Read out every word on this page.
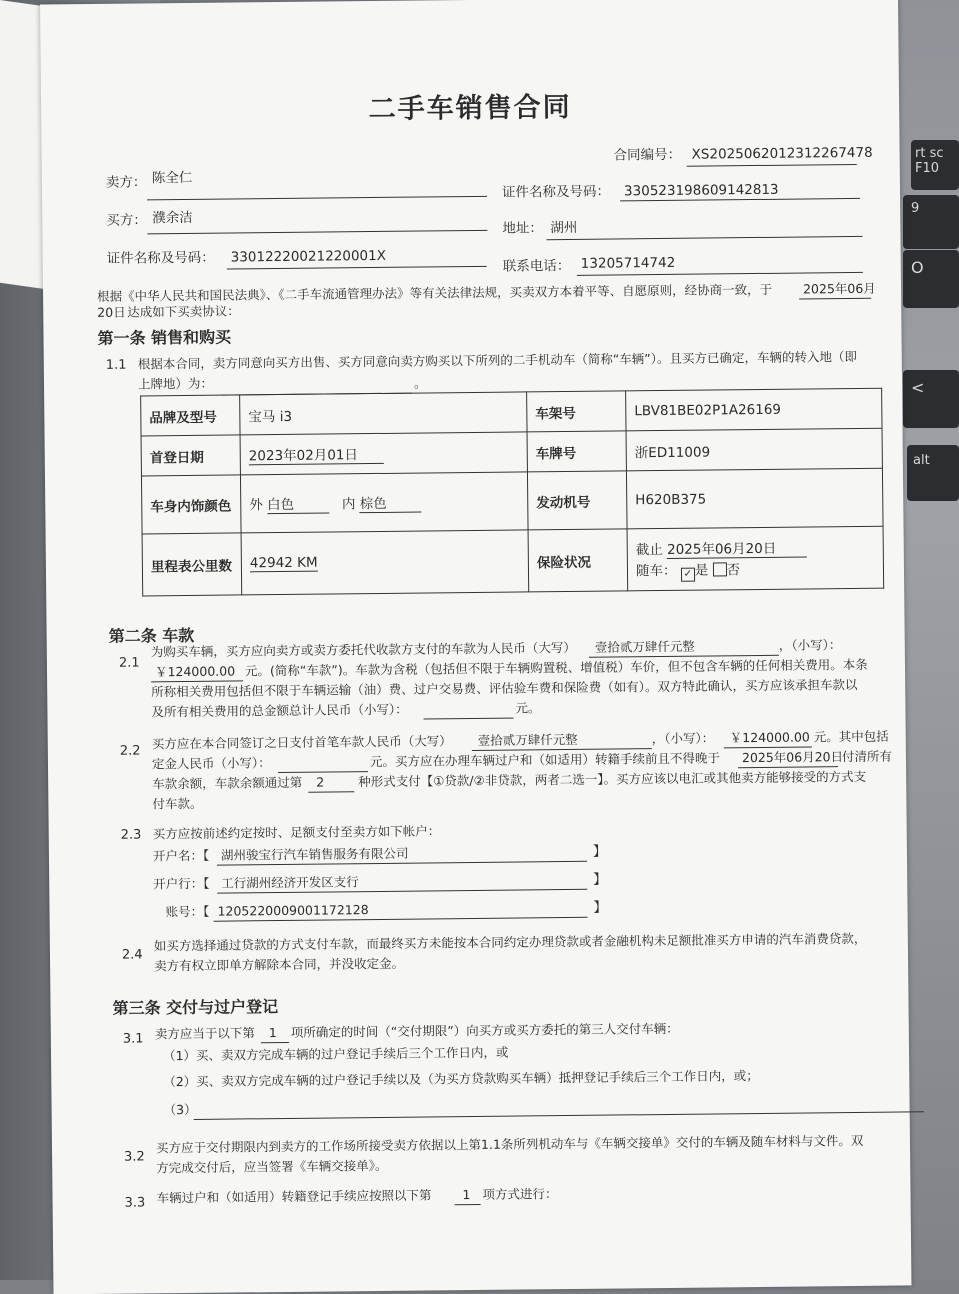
rt sc
F10
9
O
<
alt
二手车销售合同
合同编号： XS2025062012312267478
卖方： 陈全仁
证件名称及号码： 330523198609142813
买方： 濮余洁
地址： 湖州
证件名称及号码： 33012220021220001X
联系电话： 13205714742
根据《中华人民共和国民法典》、《二手车流通管理办法》等有关法律法规，买卖双方本着平等、自愿原则，经协商一致，于 2025年06月
20日 达成如下买卖协议：
第一条 销售和购买
1.1 根据本合同，卖方同意向买方出售、买方同意向卖方购买以下所列的二手机动车（简称“车辆”）。且买方已确定，车辆的转入地（即
上牌地）为：	。
品牌及型号	宝马 i3	车架号	LBV81BE02P1A26169
首登日期	2023年02月01日	车牌号	浙ED11009
车身内饰颜色	外 白色 内 棕色	发动机号	H620B375
里程表公里数	42942 KM	保险状况	截止 2025年06月20日
随车： ✓ 是 否
第二条 车款
2.1
为购买车辆，买方应向卖方或卖方委托代收款方支付的车款为人民币（大写） 壹拾贰万肆仟元整	，（小写）：
￥124000.00 元。(简称“车款”)。车款为含税（包括但不限于车辆购置税、增值税）车价，但不包含车辆的任何相关费用。本条
所称相关费用包括但不限于车辆运输（油）费、过户交易费、评估验车费和保险费（如有）。双方特此确认，买方应该承担车款以
及所有相关费用的总金额总计人民币（小写）：	元。
2.2 买方应在本合同签订之日支付首笔车款人民币（大写） 壹拾贰万肆仟元整	，（小写）： ￥124000.00 元。其中包括
定金人民币（小写）：	元。买方应在办理车辆过户和（如适用）转籍手续前且不得晚于 2025年06月20日
付清所有
车款余额，车款余额通过第 2	种形式支付【①贷款/②非贷款，两者二选一】。买方应该以电汇或其他卖方能够接受的方式支
付车款。
2.3 买方应按前述约定按时、足额支付至卖方如下帐户：
开户名：【 湖州骏宝行汽车销售服务有限公司	】
开户行：【 工行湖州经济开发区支行	】
账号：【 1205220009001172128	】
2.4
如买方选择通过贷款的方式支付车款，而最终买方未能按本合同约定办理贷款或者金融机构未足额批准买方申请的汽车消费贷款，
卖方有权立即单方解除本合同，并没收定金。
第三条 交付与过户登记
3.1 卖方应当于以下第 1 项所确定的时间（“交付期限”）向买方或买方委托的第三人交付车辆：
（1）买、卖双方完成车辆的过户登记手续后三个工作日内，或
（2）买、卖双方完成车辆的过户登记手续以及（为买方贷款购买车辆）抵押登记手续后三个工作日内，或；
（3）
3.2
买方应于交付期限内到卖方的工作场所接受卖方依据以上第1.1条所列机动车与《车辆交接单》交付的车辆及随车材料与文件。双
方完成交付后，应当签署《车辆交接单》。
3.3 车辆过户和（如适用）转籍登记手续应按照以下第 1 项方式进行：
